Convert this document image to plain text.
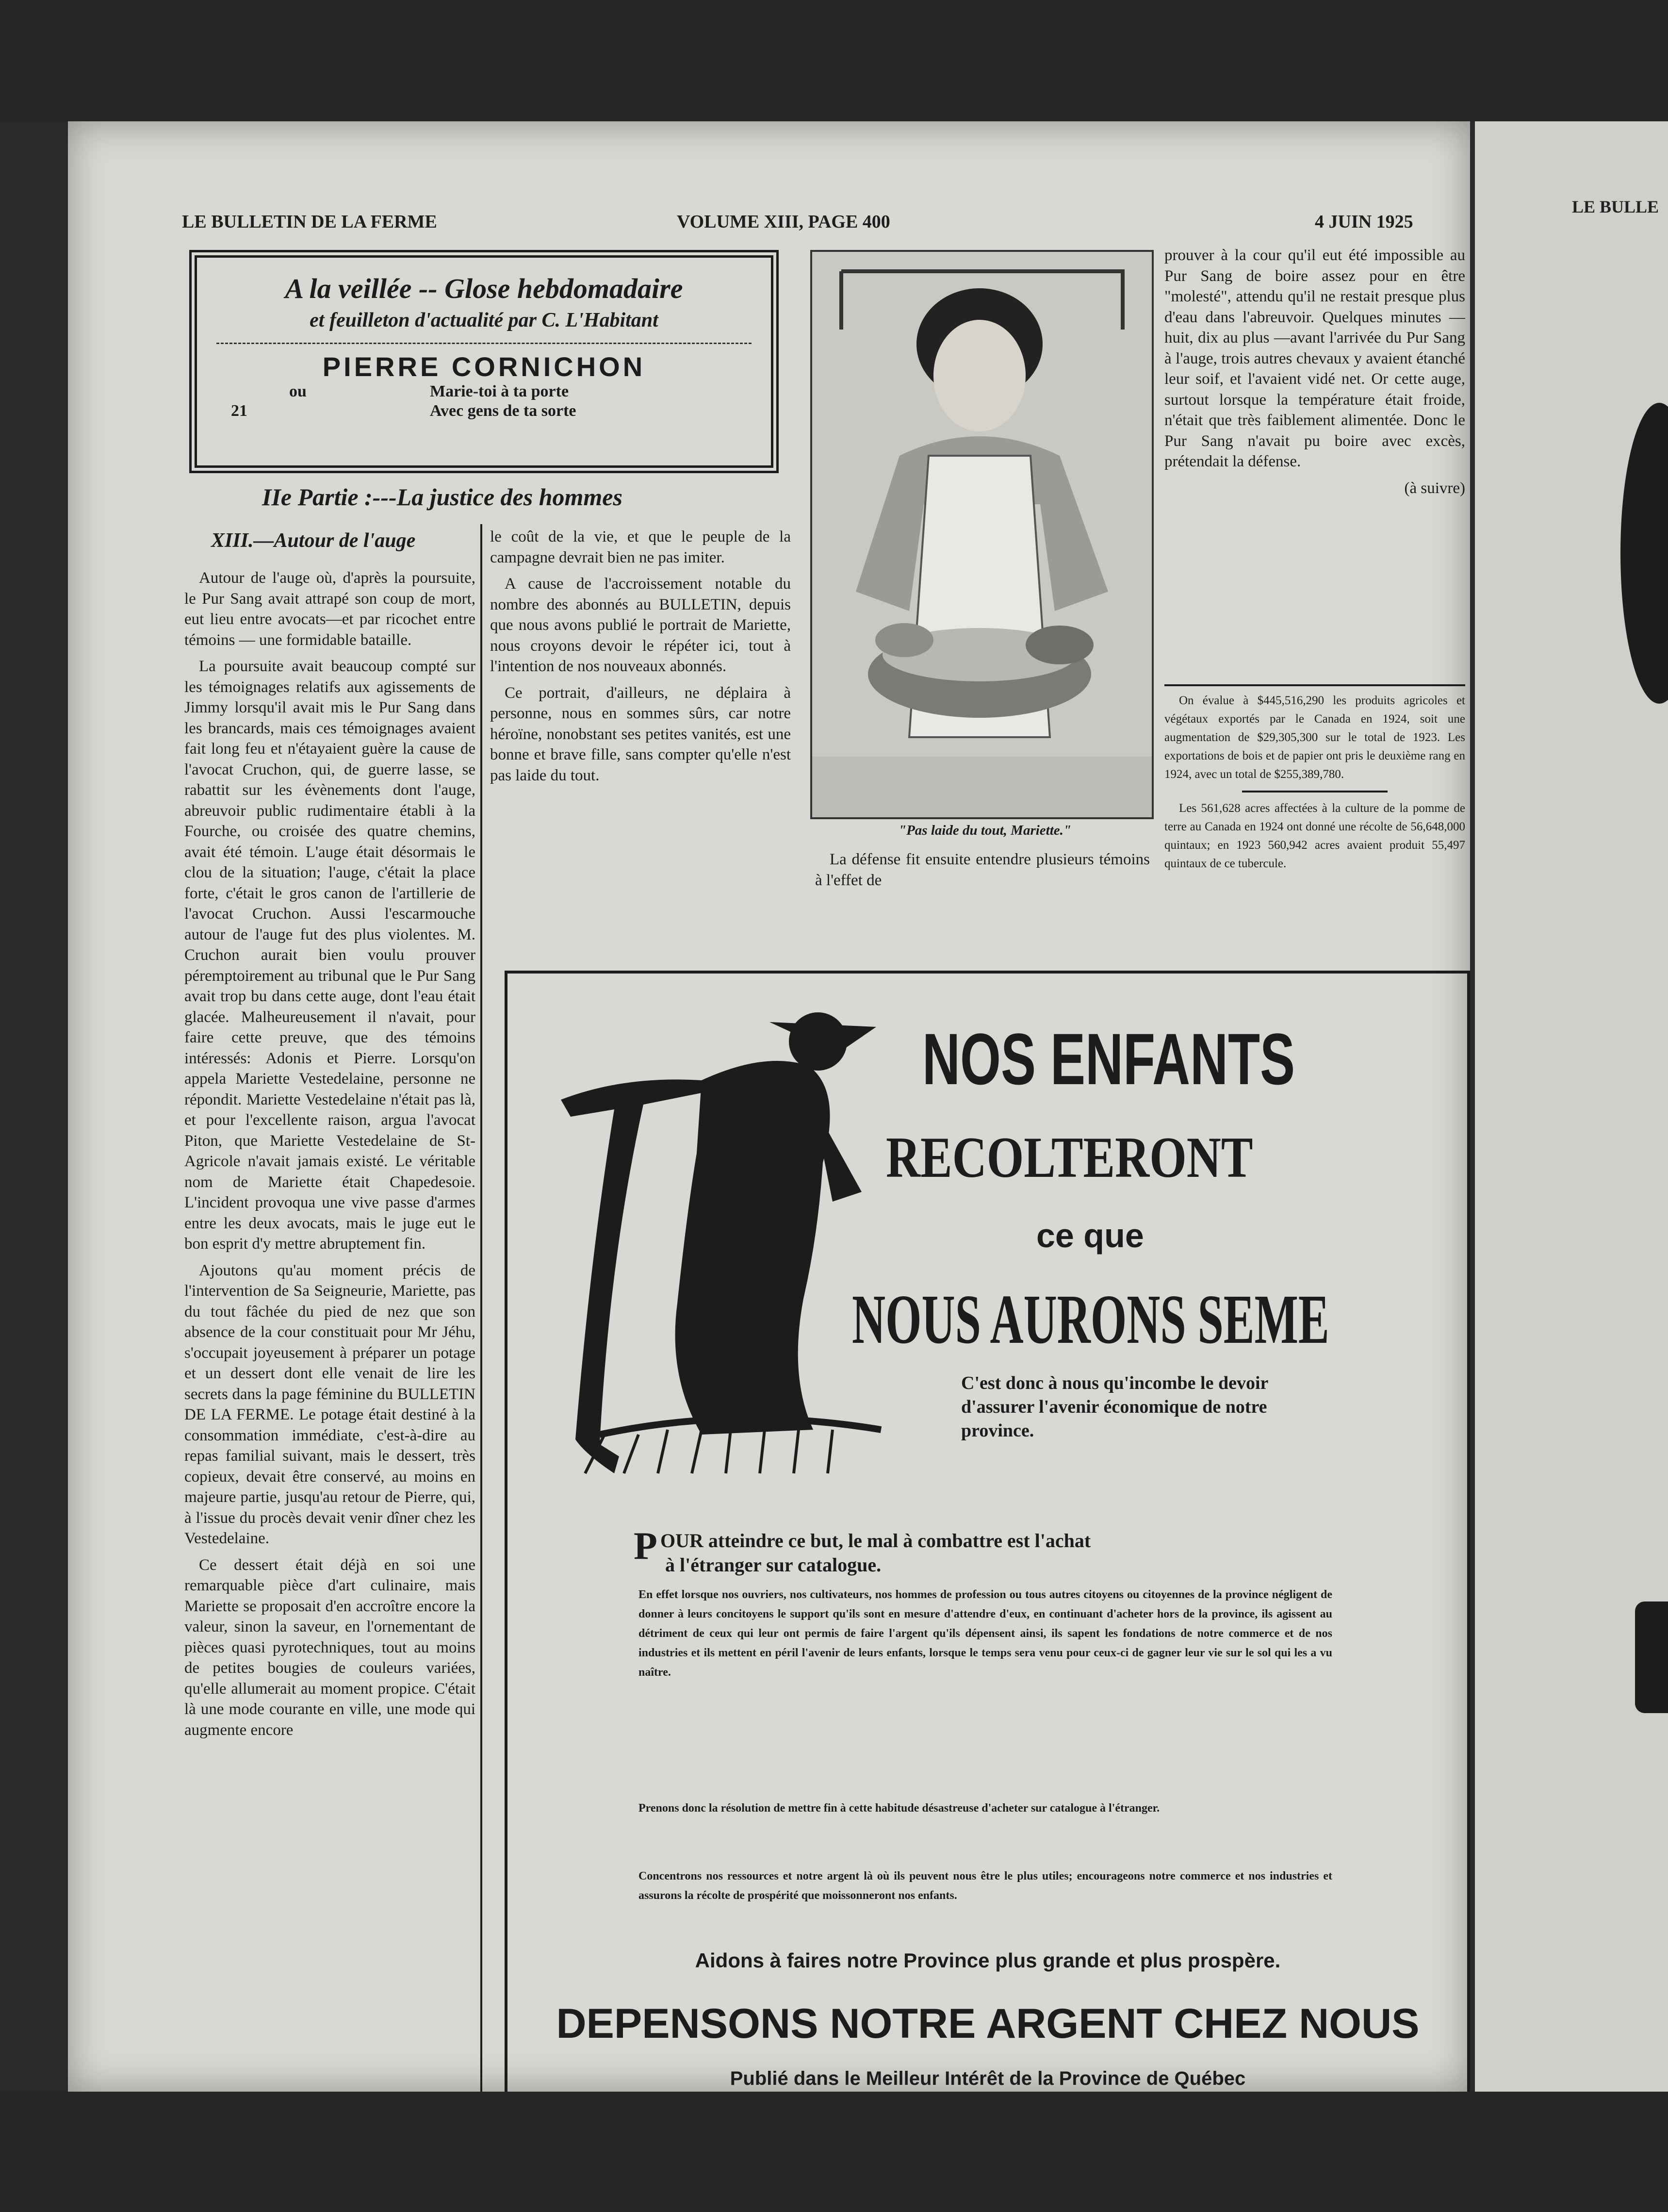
LE BULLETIN DE LA FERME	VOLUME XIII, PAGE 400	4 JUIN 1925
A la veillée -- Glose hebdomadaire
et feuilleton d'actualité par C. L'Habitant
PIERRE CORNICHON
ou	Marie-toi à ta porte
21	Avec gens de ta sorte
IIe Partie :---La justice des hommes
XIII.—Autour de l'auge

Autour de l'auge où, d'après la poursuite, le Pur Sang avait attrapé son coup de mort, eut lieu entre avocats—et par ricochet entre témoins — une formidable bataille.

La poursuite avait beaucoup compté sur les témoignages relatifs aux agissements de Jimmy lorsqu'il avait mis le Pur Sang dans les brancards, mais ces témoignages avaient fait long feu et n'étayaient guère la cause de l'avocat Cruchon, qui, de guerre lasse, se rabattit sur les évènements dont l'auge, abreuvoir public rudimentaire établi à la Fourche, ou croisée des quatre chemins, avait été témoin. L'auge était désormais le clou de la situation; l'auge, c'était la place forte, c'était le gros canon de l'artillerie de l'avocat Cruchon. Aussi l'escarmouche autour de l'auge fut des plus violentes. M. Cruchon aurait bien voulu prouver péremptoirement au tribunal que le Pur Sang avait trop bu dans cette auge, dont l'eau était glacée. Malheureusement il n'avait, pour faire cette preuve, que des témoins intéressés: Adonis et Pierre. Lorsqu'on appela Mariette Vestedelaine, personne ne répondit. Mariette Vestedelaine n'était pas là, et pour l'excellente raison, argua l'avocat Piton, que Mariette Vestedelaine de St-Agricole n'avait jamais existé. Le véritable nom de Mariette était Chapedesoie. L'incident provoqua une vive passe d'armes entre les deux avocats, mais le juge eut le bon esprit d'y mettre abruptement fin.

Ajoutons qu'au moment précis de l'intervention de Sa Seigneurie, Mariette, pas du tout fâchée du pied de nez que son absence de la cour constituait pour Mr Jéhu, s'occupait joyeusement à préparer un potage et un dessert dont elle venait de lire les secrets dans la page féminine du BULLETIN DE LA FERME. Le potage était destiné à la consommation immédiate, c'est-à-dire au repas familial suivant, mais le dessert, très copieux, devait être conservé, au moins en majeure partie, jusqu'au retour de Pierre, qui, à l'issue du procès devait venir dîner chez les Vestedelaine.

Ce dessert était déjà en soi une remarquable pièce d'art culinaire, mais Mariette se proposait d'en accroître encore la valeur, sinon la saveur, en l'ornementant de pièces quasi pyrotechniques, tout au moins de petites bougies de couleurs variées, qu'elle allumerait au moment propice. C'était là une mode courante en ville, une mode qui augmente encore

le coût de la vie, et que le peuple de la campagne devrait bien ne pas imiter.

A cause de l'accroissement notable du nombre des abonnés au BULLETIN, depuis que nous avons publié le portrait de Mariette, nous croyons devoir le répéter ici, tout à l'intention de nos nouveaux abonnés.

Ce portrait, d'ailleurs, ne déplaira à personne, nous en sommes sûrs, car notre héroïne, nonobstant ses petites vanités, est une bonne et brave fille, sans compter qu'elle n'est pas laide du tout.

"Pas laide du tout, Mariette."

La défense fit ensuite entendre plusieurs témoins à l'effet de

prouver à la cour qu'il eut été impossible au Pur Sang de boire assez pour en être "molesté", attendu qu'il ne restait presque plus d'eau dans l'abreuvoir. Quelques minutes — huit, dix au plus —avant l'arrivée du Pur Sang à l'auge, trois autres chevaux y avaient étanché leur soif, et l'avaient vidé net. Or cette auge, surtout lorsque la température était froide, n'était que très faiblement alimentée. Donc le Pur Sang n'avait pu boire avec excès, prétendait la défense.

(à suivre)

On évalue à $445,516,290 les produits agricoles et végétaux exportés par le Canada en 1924, soit une augmentation de $29,305,300 sur le total de 1923. Les exportations de bois et de papier ont pris le deuxième rang en 1924, avec un total de $255,389,780.

Les 561,628 acres affectées à la culture de la pomme de terre au Canada en 1924 ont donné une récolte de 56,648,000 quintaux; en 1923 560,942 acres avaient produit 55,497 quintaux de ce tubercule.

NOS ENFANTS
RECOLTERONT
ce que
NOUS AURONS SEME
C'est donc à nous qu'incombe le devoir d'assurer l'avenir économique de notre province.
P OUR atteindre ce but, le mal à combattre est l'achat
à l'étranger sur catalogue.
En effet lorsque nos ouvriers, nos cultivateurs, nos hommes de profession ou tous autres citoyens ou citoyennes de la province négligent de donner à leurs concitoyens le support qu'ils sont en mesure d'attendre d'eux, en continuant d'acheter hors de la province, ils agissent au détriment de ceux qui leur ont permis de faire l'argent qu'ils dépensent ainsi, ils sapent les fondations de notre commerce et de nos industries et ils mettent en péril l'avenir de leurs enfants, lorsque le temps sera venu pour ceux-ci de gagner leur vie sur le sol qui les a vu naître.
Prenons donc la résolution de mettre fin à cette habitude désastreuse d'acheter sur catalogue à l'étranger.
Concentrons nos ressources et notre argent là où ils peuvent nous être le plus utiles; encourageons notre commerce et nos industries et assurons la récolte de prospérité que moissonneront nos enfants.
Aidons à faires notre Province plus grande et plus prospère.
DEPENSONS NOTRE ARGENT CHEZ NOUS
Publié dans le Meilleur Intérêt de la Province de Québec
LE BULLE
